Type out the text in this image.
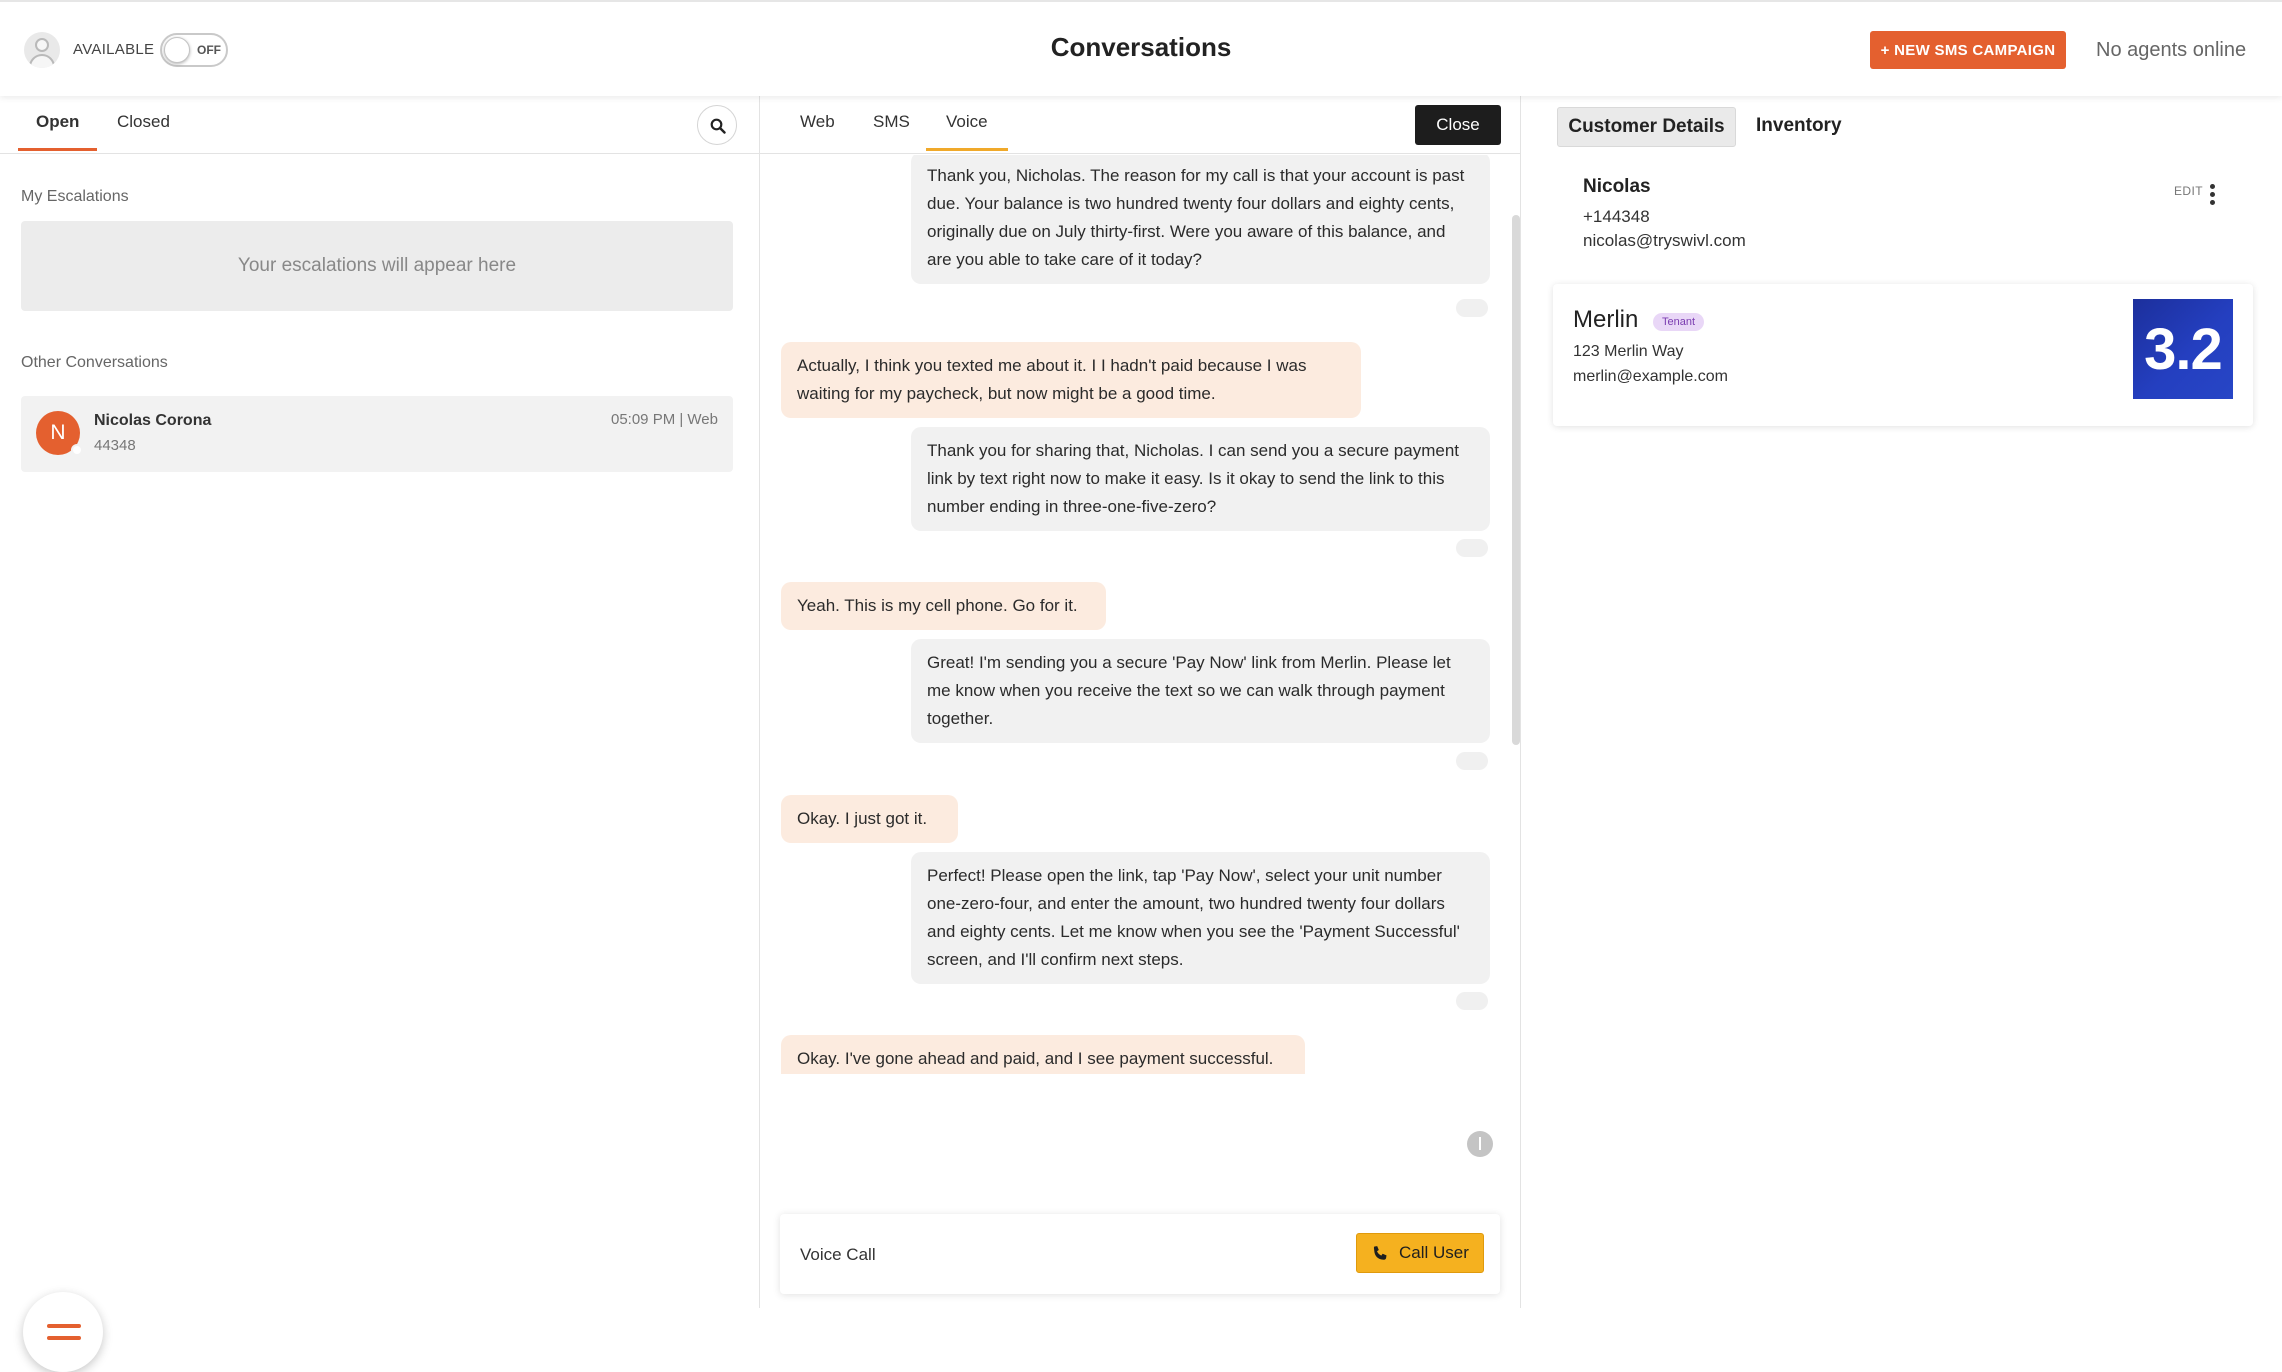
AVAILABLE	OFF	Conversations	+ NEW SMS CAMPAIGN	No agents online
Open	Closed
My Escalations
Your escalations will appear here
Other Conversations
N
Nicolas Corona
44348
05:09 PM | Web
Web SMS	Voice	Close
Thank you, Nicholas. The reason for my call is that your account is past due. Your balance is two hundred twenty four dollars and eighty cents, originally due on July thirty-first. Were you aware of this balance, and are you able to take care of it today?
Actually, I think you texted me about it. I I hadn't paid because I was waiting for my paycheck, but now might be a good time.
Thank you for sharing that, Nicholas. I can send you a secure payment link by text right now to make it easy. Is it okay to send the link to this number ending in three-one-five-zero?
Yeah. This is my cell phone. Go for it.
Great! I'm sending you a secure 'Pay Now' link from Merlin. Please let me know when you receive the text so we can walk through payment together.
Okay. I just got it.
Perfect! Please open the link, tap 'Pay Now', select your unit number one-zero-four, and enter the amount, two hundred twenty four dollars and eighty cents. Let me know when you see the 'Payment Successful' screen, and I'll confirm next steps.
Okay. I've gone ahead and paid, and I see payment successful.
Voice Call	Call User
Customer Details	Inventory
Nicolas
+144348
nicolas@tryswivl.com
EDIT
Merlin	Tenant
123 Merlin Way
merlin@example.com	3.2
